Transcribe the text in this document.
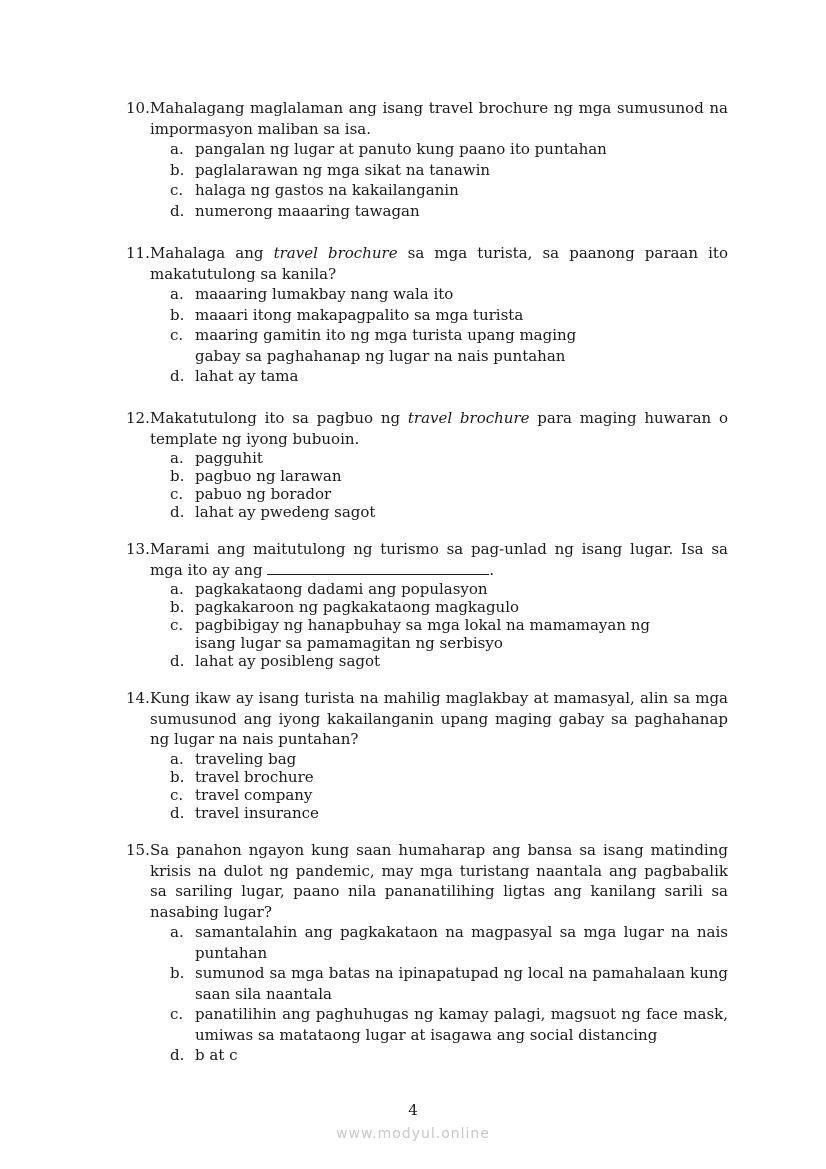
10. Mahalagang maglalaman ang isang travel brochure ng mga sumusunod na impormasyon maliban sa isa.
a. pangalan ng lugar at panuto kung paano ito puntahan
b. paglalarawan ng mga sikat na tanawin
c. halaga ng gastos na kakailanganin
d. numerong maaaring tawagan
11. Mahalaga ang travel brochure sa mga turista, sa paanong paraan ito makatutulong sa kanila?
a. maaaring lumakbay nang wala ito
b. maaari itong makapagpalito sa mga turista
c. maaring gamitin ito ng mga turista upang maging gabay sa paghahanap ng lugar na nais puntahan
d. lahat ay tama
12. Makatutulong ito sa pagbuo ng travel brochure para maging huwaran o template ng iyong bubuoin.
a. pagguhit
b. pagbuo ng larawan
c. pabuo ng borador
d. lahat ay pwedeng sagot
13. Marami ang maitutulong ng turismo sa pag-unlad ng isang lugar. Isa sa mga ito ay ang	.
a. pagkakataong dadami ang populasyon
b. pagkakaroon ng pagkakataong magkagulo
c. pagbibigay ng hanapbuhay sa mga lokal na mamamayan ng isang lugar sa pamamagitan ng serbisyo
d. lahat ay posibleng sagot
14. Kung ikaw ay isang turista na mahilig maglakbay at mamasyal, alin sa mga sumusunod ang iyong kakailanganin upang maging gabay sa paghahanap ng lugar na nais puntahan?
a. traveling bag
b. travel brochure
c. travel company
d. travel insurance
15. Sa panahon ngayon kung saan humaharap ang bansa sa isang matinding krisis na dulot ng pandemic, may mga turistang naantala ang pagbabalik sa sariling lugar, paano nila pananatilihing ligtas ang kanilang sarili sa nasabing lugar?
a. samantalahin ang pagkakataon na magpasyal sa mga lugar na nais puntahan
b. sumunod sa mga batas na ipinapatupad ng local na pamahalaan kung saan sila naantala
c. panatilihin ang paghuhugas ng kamay palagi, magsuot ng face mask, umiwas sa matataong lugar at isagawa ang social distancing
d. b at c
4
www.modyul.online
